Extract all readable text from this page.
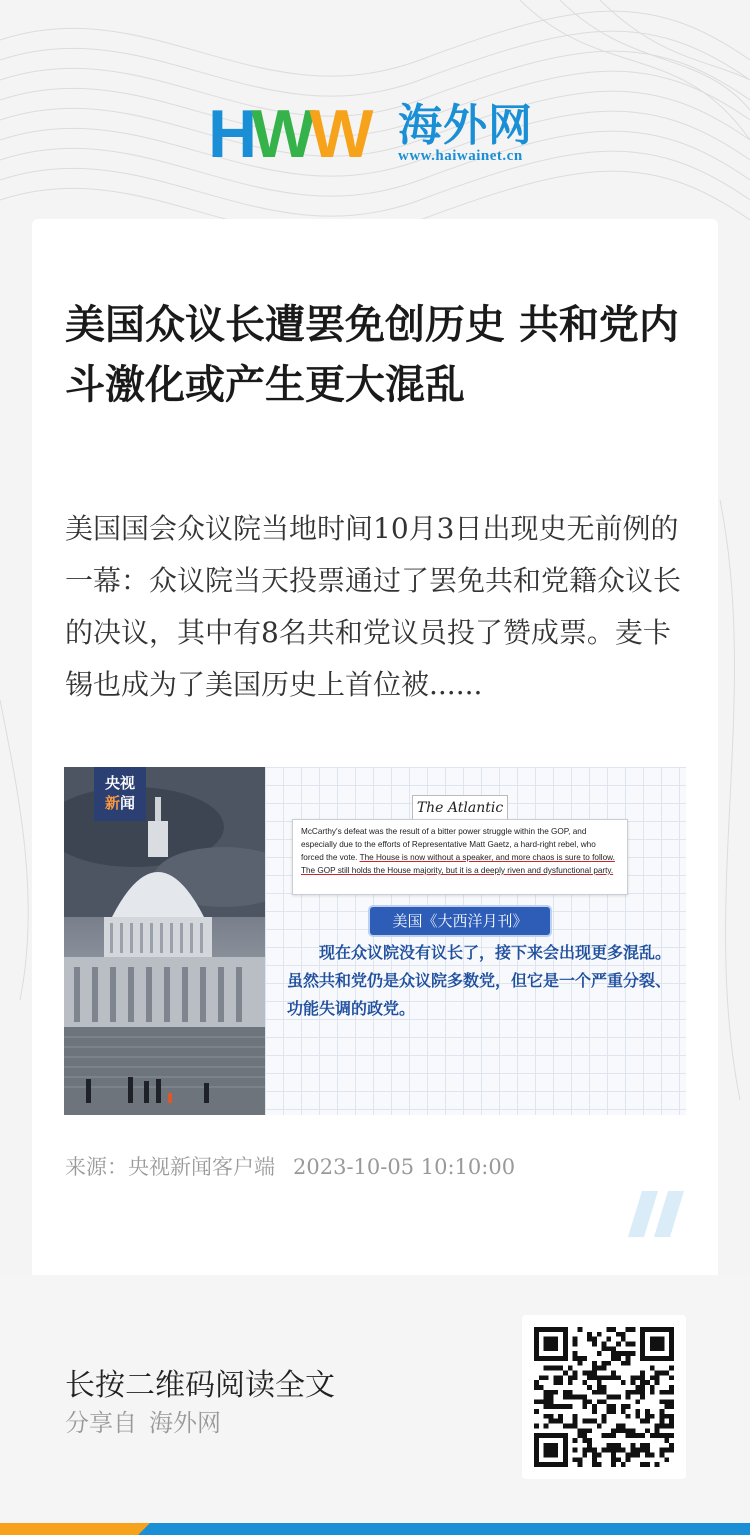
HWW 海外网
www.haiwainet.cn
美国众议长遭罢免创历史 共和党内斗激化或产生更大混乱

美国国会众议院当地时间10月3日出现史无前例的一幕：众议院当天投票通过了罢免共和党籍众议长的决议，其中有8名共和党议员投了赞成票。麦卡锡也成为了美国历史上首位被......

央视
新闻	The Atlantic
McCarthy's defeat was the result of a bitter power struggle within the GOP, and especially due to the efforts of Representative Matt Gaetz, a hard-right rebel, who forced the vote. The House is now without a speaker, and more chaos is sure to follow. The GOP still holds the House majority, but it is a deeply riven and dysfunctional party.
美国《大西洋月刊》
现在众议院没有议长了，接下来会出现更多混乱。虽然共和党仍是众议院多数党，但它是一个严重分裂、功能失调的政党。
来源：央视新闻客户端 2023-10-05 10:10:00
长按二维码阅读全文
分享自 海外网
